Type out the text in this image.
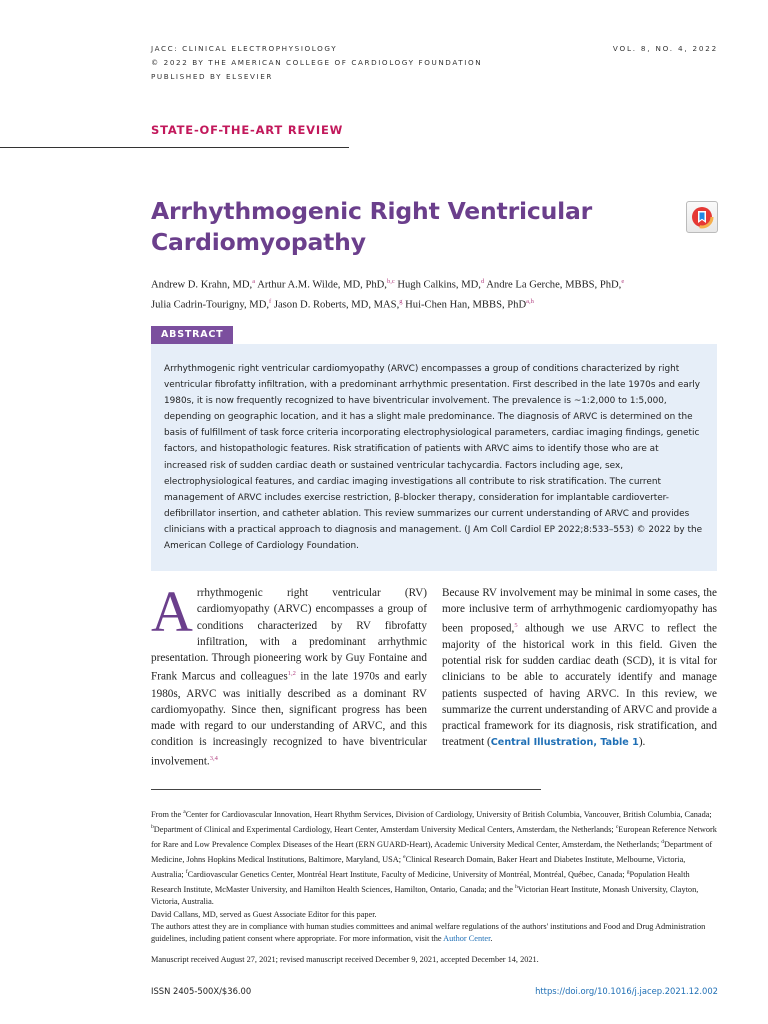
JACC: CLINICAL ELECTROPHYSIOLOGY
© 2022 BY THE AMERICAN COLLEGE OF CARDIOLOGY FOUNDATION
PUBLISHED BY ELSEVIER
VOL. 8, NO. 4, 2022
STATE-OF-THE-ART REVIEW
Arrhythmogenic Right Ventricular
Cardiomyopathy
Andrew D. Krahn, MD,$^a$ Arthur A.M. Wilde, MD, PhD,$^{b,c}$ Hugh Calkins, MD,$^d$ Andre La Gerche, MBBS, PhD,$^e$
Julia Cadrin-Tourigny, MD,$^f$ Jason D. Roberts, MD, MAS,$^g$ Hui-Chen Han, MBBS, PhD$^{a,h}$
ABSTRACT
Arrhythmogenic right ventricular cardiomyopathy (ARVC) encompasses a group of conditions characterized by right ventricular fibrofatty infiltration, with a predominant arrhythmic presentation. First described in the late 1970s and early 1980s, it is now frequently recognized to have biventricular involvement. The prevalence is ~1:2,000 to 1:5,000, depending on geographic location, and it has a slight male predominance. The diagnosis of ARVC is determined on the basis of fulfillment of task force criteria incorporating electrophysiological parameters, cardiac imaging findings, genetic factors, and histopathologic features. Risk stratification of patients with ARVC aims to identify those who are at increased risk of sudden cardiac death or sustained ventricular tachycardia. Factors including age, sex, electrophysiological features, and cardiac imaging investigations all contribute to risk stratification. The current management of ARVC includes exercise restriction, β-blocker therapy, consideration for implantable cardioverter-defibrillator insertion, and catheter ablation. This review summarizes our current understanding of ARVC and provides clinicians with a practical approach to diagnosis and management. (J Am Coll Cardiol EP 2022;8:533–553) © 2022 by the American College of Cardiology Foundation.
Arrhythmogenic right ventricular (RV) cardiomyopathy (ARVC) encompasses a group of conditions characterized by RV fibrofatty infiltration, with a predominant arrhythmic presentation. Through pioneering work by Guy Fontaine and Frank Marcus and colleagues$^{1,2}$ in the late 1970s and early 1980s, ARVC was initially described as a dominant RV cardiomyopathy. Since then, significant progress has been made with regard to our understanding of ARVC, and this condition is increasingly recognized to have biventricular involvement.$^{3,4}$
Because RV involvement may be minimal in some cases, the more inclusive term of arrhythmogenic cardiomyopathy has been proposed,$^5$ although we use ARVC to reflect the majority of the historical work in this field. Given the potential risk for sudden cardiac death (SCD), it is vital for clinicians to be able to accurately identify and manage patients suspected of having ARVC. In this review, we summarize the current understanding of ARVC and provide a practical framework for its diagnosis, risk stratification, and treatment (Central Illustration, Table 1).
From the $^a$Center for Cardiovascular Innovation, Heart Rhythm Services, Division of Cardiology, University of British Columbia, Vancouver, British Columbia, Canada; $^b$Department of Clinical and Experimental Cardiology, Heart Center, Amsterdam University Medical Centers, Amsterdam, the Netherlands; $^c$European Reference Network for Rare and Low Prevalence Complex Diseases of the Heart (ERN GUARD-Heart), Academic University Medical Center, Amsterdam, the Netherlands; $^d$Department of Medicine, Johns Hopkins Medical Institutions, Baltimore, Maryland, USA; $^e$Clinical Research Domain, Baker Heart and Diabetes Institute, Melbourne, Victoria, Australia; $^f$Cardiovascular Genetics Center, Montréal Heart Institute, Faculty of Medicine, University of Montréal, Montréal, Québec, Canada; $^g$Population Health Research Institute, McMaster University, and Hamilton Health Sciences, Hamilton, Ontario, Canada; and the $^h$Victorian Heart Institute, Monash University, Clayton, Victoria, Australia.
David Callans, MD, served as Guest Associate Editor for this paper.
The authors attest they are in compliance with human studies committees and animal welfare regulations of the authors' institutions and Food and Drug Administration guidelines, including patient consent where appropriate. For more information, visit the Author Center.
Manuscript received August 27, 2021; revised manuscript received December 9, 2021, accepted December 14, 2021.
ISSN 2405-500X/$36.00	https://doi.org/10.1016/j.jacep.2021.12.002
